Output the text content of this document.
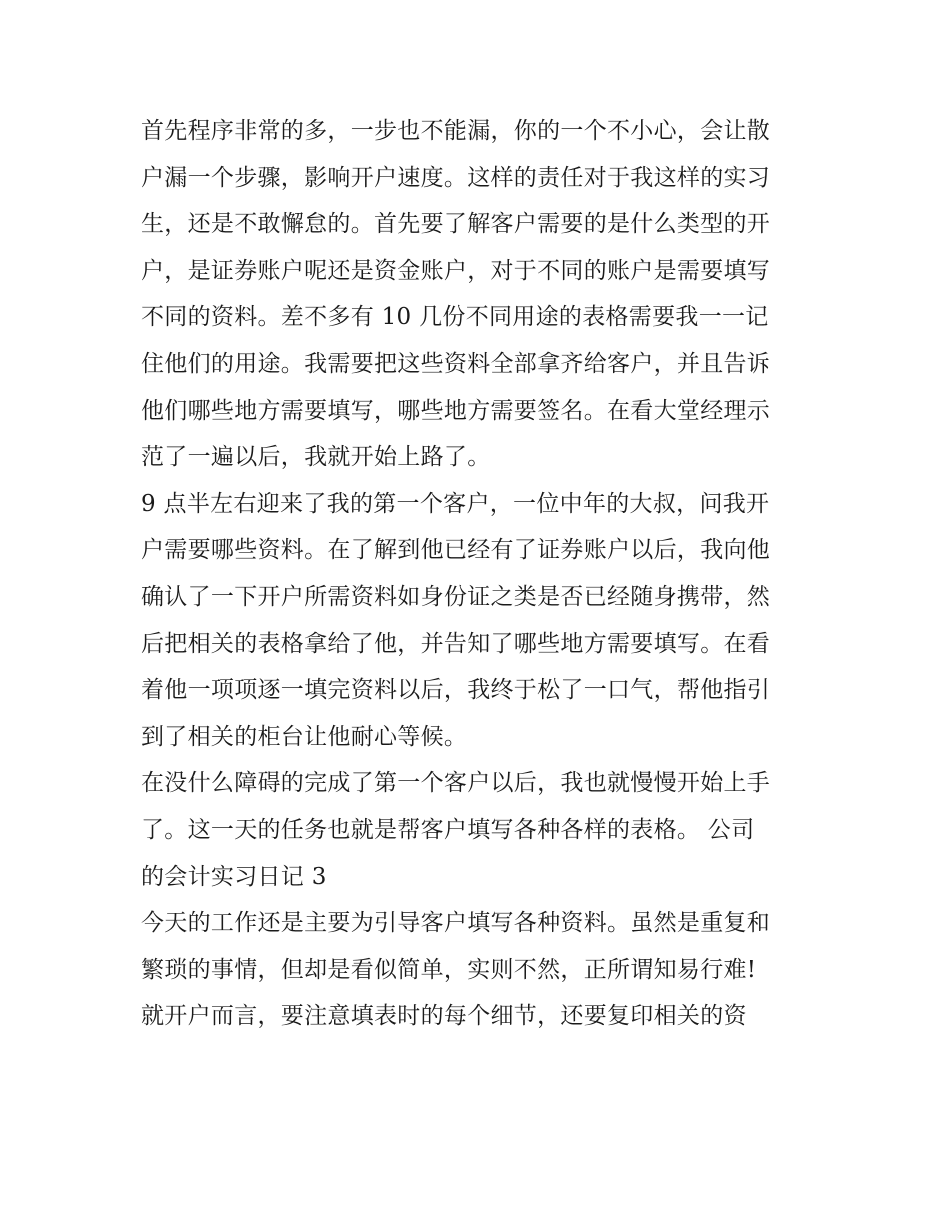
首先程序非常的多，一步也不能漏，你的一个不小心，会让散
户漏一个步骤，影响开户速度。这样的责任对于我这样的实习
生，还是不敢懈怠的。首先要了解客户需要的是什么类型的开
户，是证券账户呢还是资金账户，对于不同的账户是需要填写
不同的资料。差不多有 10 几份不同用途的表格需要我一一记
住他们的用途。我需要把这些资料全部拿齐给客户，并且告诉
他们哪些地方需要填写，哪些地方需要签名。在看大堂经理示
范了一遍以后，我就开始上路了。
9 点半左右迎来了我的第一个客户，一位中年的大叔，问我开
户需要哪些资料。在了解到他已经有了证券账户以后，我向他
确认了一下开户所需资料如身份证之类是否已经随身携带，然
后把相关的表格拿给了他，并告知了哪些地方需要填写。在看
着他一项项逐一填完资料以后，我终于松了一口气，帮他指引
到了相关的柜台让他耐心等候。
在没什么障碍的完成了第一个客户以后，我也就慢慢开始上手
了。这一天的任务也就是帮客户填写各种各样的表格。 公司
的会计实习日记 3
今天的工作还是主要为引导客户填写各种资料。虽然是重复和
繁琐的事情，但却是看似简单，实则不然，正所谓知易行难!
就开户而言，要注意填表时的每个细节，还要复印相关的资
